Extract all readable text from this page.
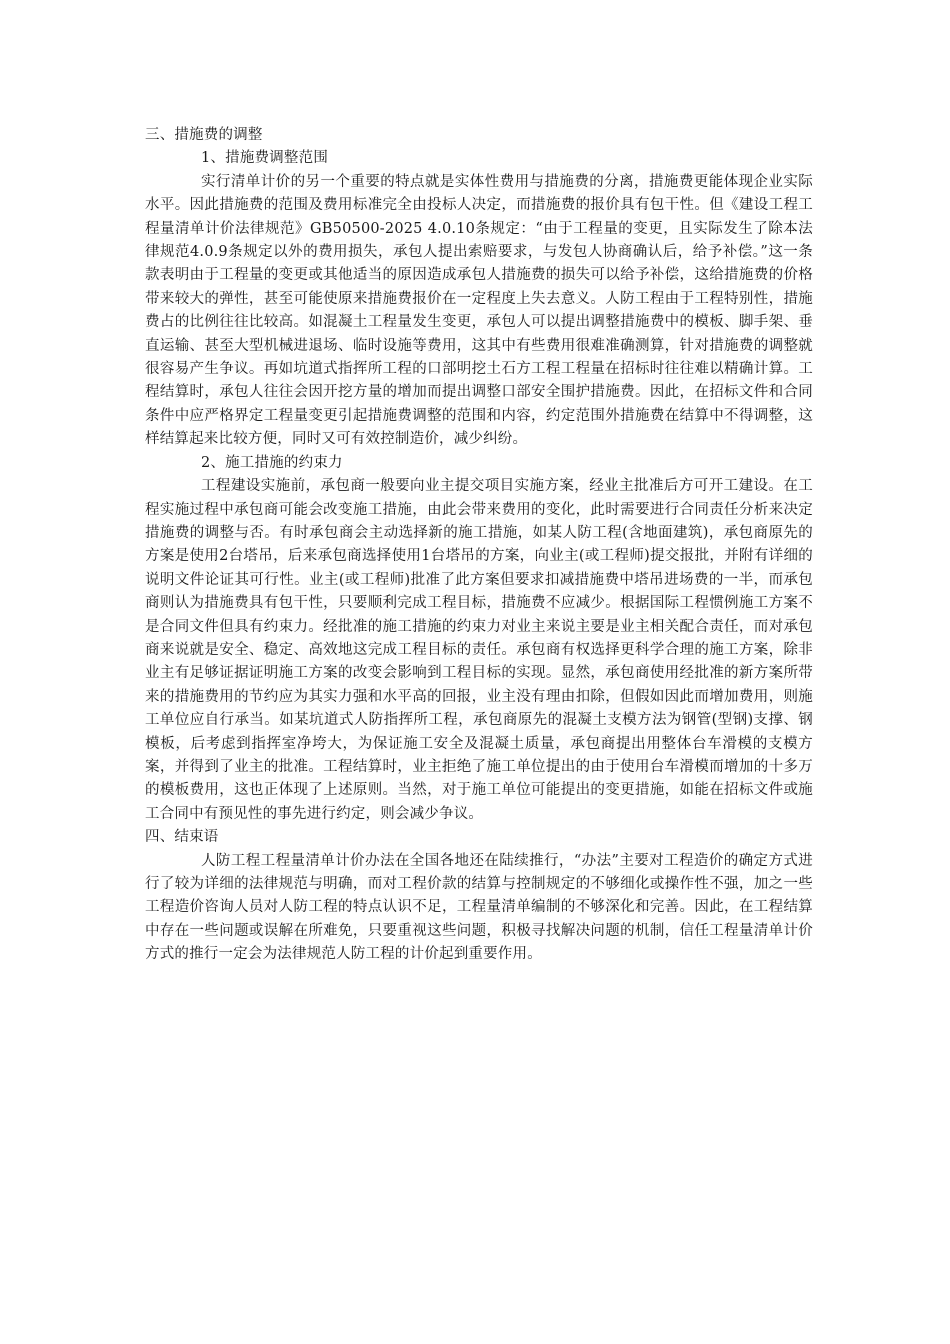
三、措施费的调整
1、措施费调整范围

实行清单计价的另一个重要的特点就是实体性费用与措施费的分离，措施费更能体现企业实际水平。因此措施费的范围及费用标准完全由投标人决定，而措施费的报价具有包干性。但《建设工程工程量清单计价法律规范》GB50500-2025 4.0.10条规定：“由于工程量的变更，且实际发生了除本法律规范4.0.9条规定以外的费用损失，承包人提出索赔要求，与发包人协商确认后，给予补偿。”这一条款表明由于工程量的变更或其他适当的原因造成承包人措施费的损失可以给予补偿，这给措施费的价格带来较大的弹性，甚至可能使原来措施费报价在一定程度上失去意义。人防工程由于工程特别性，措施费占的比例往往比较高。如混凝土工程量发生变更，承包人可以提出调整措施费中的模板、脚手架、垂直运输、甚至大型机械进退场、临时设施等费用，这其中有些费用很难准确测算，针对措施费的调整就很容易产生争议。再如坑道式指挥所工程的口部明挖土石方工程工程量在招标时往往难以精确计算。工程结算时，承包人往往会因开挖方量的增加而提出调整口部安全围护措施费。因此，在招标文件和合同条件中应严格界定工程量变更引起措施费调整的范围和内容，约定范围外措施费在结算中不得调整，这样结算起来比较方便，同时又可有效控制造价，减少纠纷。

2、施工措施的约束力

工程建设实施前，承包商一般要向业主提交项目实施方案，经业主批准后方可开工建设。在工程实施过程中承包商可能会改变施工措施，由此会带来费用的变化，此时需要进行合同责任分析来决定措施费的调整与否。有时承包商会主动选择新的施工措施，如某人防工程(含地面建筑)，承包商原先的方案是使用2台塔吊，后来承包商选择使用1台塔吊的方案，向业主(或工程师)提交报批，并附有详细的说明文件论证其可行性。业主(或工程师)批准了此方案但要求扣减措施费中塔吊进场费的一半，而承包商则认为措施费具有包干性，只要顺利完成工程目标，措施费不应减少。根据国际工程惯例施工方案不是合同文件但具有约束力。经批准的施工措施的约束力对业主来说主要是业主相关配合责任，而对承包商来说就是安全、稳定、高效地这完成工程目标的责任。承包商有权选择更科学合理的施工方案，除非业主有足够证据证明施工方案的改变会影响到工程目标的实现。显然，承包商使用经批准的新方案所带来的措施费用的节约应为其实力强和水平高的回报，业主没有理由扣除，但假如因此而增加费用，则施工单位应自行承当。如某坑道式人防指挥所工程，承包商原先的混凝土支模方法为钢管(型钢)支撑、钢模板，后考虑到指挥室净垮大，为保证施工安全及混凝土质量，承包商提出用整体台车滑模的支模方案，并得到了业主的批准。工程结算时，业主拒绝了施工单位提出的由于使用台车滑模而增加的十多万的模板费用，这也正体现了上述原则。当然，对于施工单位可能提出的变更措施，如能在招标文件或施工合同中有预见性的事先进行约定，则会减少争议。

四、结束语

人防工程工程量清单计价办法在全国各地还在陆续推行，“办法”主要对工程造价的确定方式进行了较为详细的法律规范与明确，而对工程价款的结算与控制规定的不够细化或操作性不强，加之一些工程造价咨询人员对人防工程的特点认识不足，工程量清单编制的不够深化和完善。因此，在工程结算中存在一些问题或误解在所难免，只要重视这些问题，积极寻找解决问题的机制，信任工程量清单计价方式的推行一定会为法律规范人防工程的计价起到重要作用。
